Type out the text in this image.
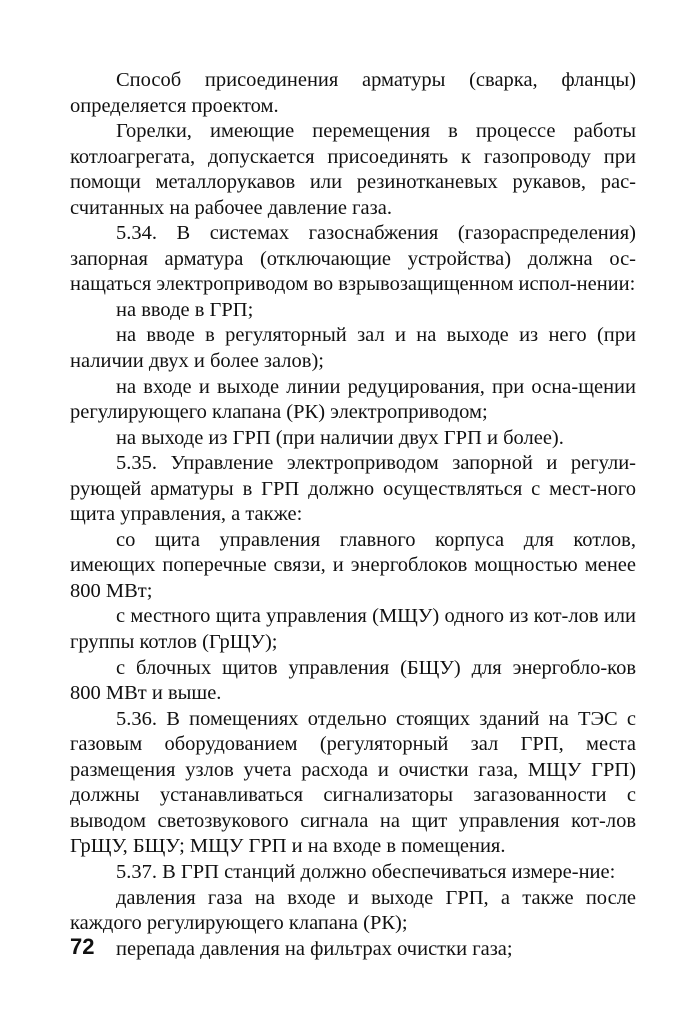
Способ присоединения арматуры (сварка, фланцы) определяется проектом.

Горелки, имеющие перемещения в процессе работы котлоагрегата, допускается присоединять к газопроводу при помощи металлорукавов или резинотканевых рукавов, рас-считанных на рабочее давление газа.

5.34. В системах газоснабжения (газораспределения) запорная арматура (отключающие устройства) должна ос-нащаться электроприводом во взрывозащищенном испол-нении:

на вводе в ГРП;

на вводе в регуляторный зал и на выходе из него (при наличии двух и более залов);

на входе и выходе линии редуцирования, при осна-щении регулирующего клапана (РК) электроприводом;

на выходе из ГРП (при наличии двух ГРП и более).

5.35. Управление электроприводом запорной и регули-рующей арматуры в ГРП должно осуществляться с мест-ного щита управления, а также:

со щита управления главного корпуса для котлов, имеющих поперечные связи, и энергоблоков мощностью менее 800 МВт;

с местного щита управления (МЩУ) одного из кот-лов или группы котлов (ГрЩУ);

с блочных щитов управления (БЩУ) для энергобло-ков 800 МВт и выше.

5.36. В помещениях отдельно стоящих зданий на ТЭС с газовым оборудованием (регуляторный зал ГРП, места размещения узлов учета расхода и очистки газа, МЩУ ГРП) должны устанавливаться сигнализаторы загазованности с выводом светозвукового сигнала на щит управления кот-лов ГрЩУ, БЩУ; МЩУ ГРП и на входе в помещения.

5.37. В ГРП станций должно обеспечиваться измере-ние:

давления газа на входе и выходе ГРП, а также после каждого регулирующего клапана (РК);

перепада давления на фильтрах очистки газа;

72
